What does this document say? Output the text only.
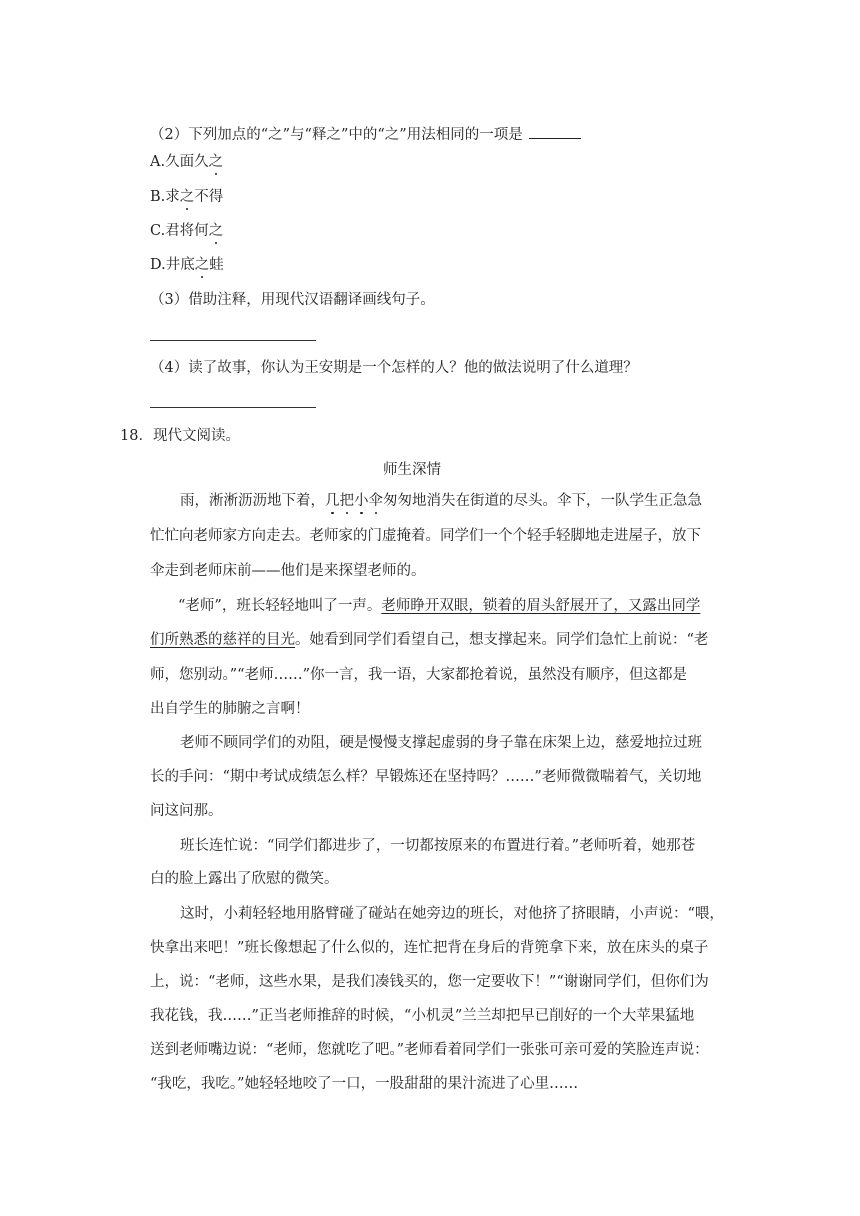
（2）下列加点的“之”与“释之”中的“之”用法相同的一项是
A.久面久之
B.求之不得
C.君将何之
D.井底之蛙
（3）借助注释，用现代汉语翻译画线句子。
（4）读了故事，你认为王安期是一个怎样的人？他的做法说明了什么道理？
18．现代文阅读。
师生深情
雨，淅淅沥沥地下着，几把小伞匆匆地消失在街道的尽头。伞下，一队学生正急急
忙忙向老师家方向走去。老师家的门虚掩着。同学们一个个轻手轻脚地走进屋子，放下
伞走到老师床前——他们是来探望老师的。
“老师”，班长轻轻地叫了一声。老师睁开双眼，锁着的眉头舒展开了，又露出同学
们所熟悉的慈祥的目光。她看到同学们看望自己，想支撑起来。同学们急忙上前说：“老
师，您别动。”“老师……”你一言，我一语，大家都抢着说，虽然没有顺序，但这都是
出自学生的肺腑之言啊！
老师不顾同学们的劝阻，硬是慢慢支撑起虚弱的身子靠在床架上边，慈爱地拉过班
长的手问：“期中考试成绩怎么样？早锻炼还在坚持吗？……”老师微微喘着气，关切地
问这问那。
班长连忙说：“同学们都进步了，一切都按原来的布置进行着。”老师听着，她那苍
白的脸上露出了欣慰的微笑。
这时，小莉轻轻地用胳臂碰了碰站在她旁边的班长，对他挤了挤眼睛，小声说：“喂，
快拿出来吧！”班长像想起了什么似的，连忙把背在身后的背篼拿下来，放在床头的桌子
上，说：“老师，这些水果，是我们凑钱买的，您一定要收下！”“谢谢同学们，但你们为
我花钱，我……”正当老师推辞的时候，“小机灵”兰兰却把早已削好的一个大苹果猛地
送到老师嘴边说：“老师，您就吃了吧。”老师看着同学们一张张可亲可爱的笑脸连声说：
“我吃，我吃。”她轻轻地咬了一口，一股甜甜的果汁流进了心里……
